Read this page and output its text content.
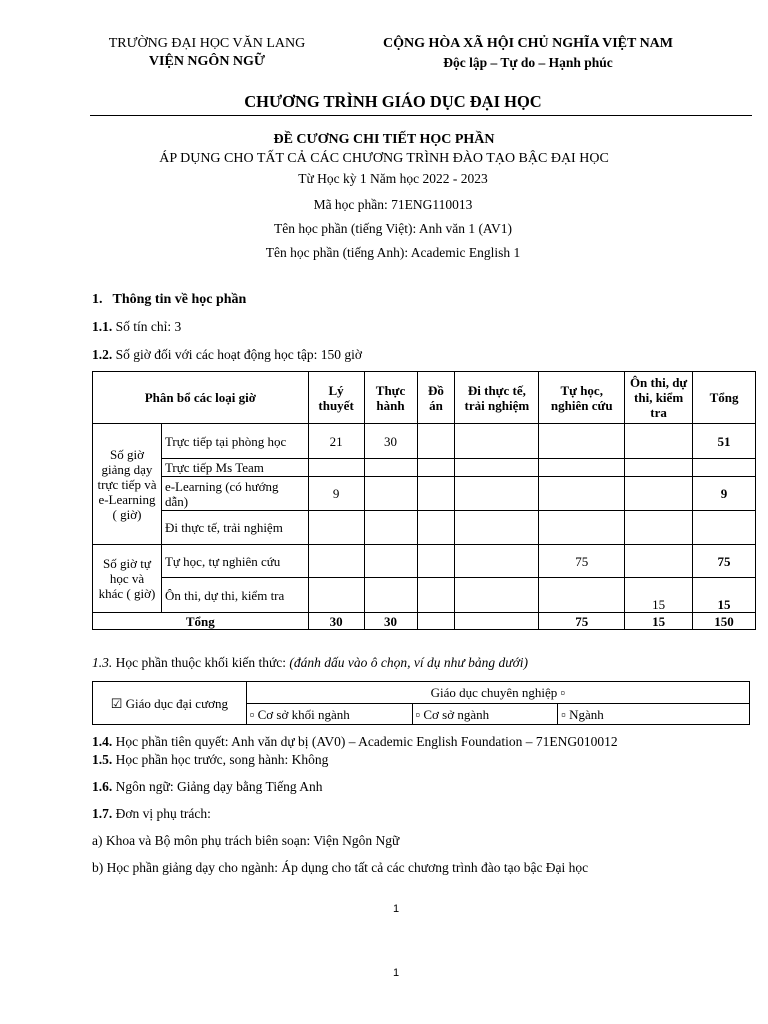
TRƯỜNG ĐẠI HỌC VĂN LANG
VIỆN NGÔN NGỮ
CỘNG HÒA XÃ HỘI CHỦ NGHĨA VIỆT NAM
Độc lập – Tự do – Hạnh phúc
CHƯƠNG TRÌNH GIÁO DỤC ĐẠI HỌC
ĐỀ CƯƠNG CHI TIẾT HỌC PHẦN
ÁP DỤNG CHO TẤT CẢ CÁC CHƯƠNG TRÌNH ĐÀO TẠO BẬC ĐẠI HỌC
Từ Học kỳ 1 Năm học 2022 - 2023
Mã học phần: 71ENG110013
Tên học phần (tiếng Việt): Anh văn 1 (AV1)
Tên học phần (tiếng Anh): Academic English 1
1. Thông tin về học phần
1.1. Số tín chỉ: 3
1.2. Số giờ đối với các hoạt động học tập: 150 giờ
Phân bổ các loại giờ		Lý thuyết	Thực hành	Đồ án	Đi thực tế, trải nghiệm	Tự học, nghiên cứu	Ôn thi, dự thi, kiểm tra	Tổng
Số giờ giảng dạy trực tiếp và e-Learning ( giờ)	Trực tiếp tại phòng học	21	30					51
	Trực tiếp Ms Team							
	e-Learning (có hướng dẫn)	9						9
	Đi thực tế, trải nghiệm							
Số giờ tự học và khác ( giờ)	Tự học, tự nghiên cứu					75		75
	Ôn thi, dự thi, kiểm tra						15	15
Tổng		30	30			75	15	150
1.3. Học phần thuộc khối kiến thức: (đánh dấu vào ô chọn, ví dụ như bảng dưới)
☑ Giáo dục đại cương	Giáo dục chuyên nghiệp ▫		
	▫ Cơ sở khối ngành	▫ Cơ sở ngành	▫ Ngành
1.4. Học phần tiên quyết: Anh văn dự bị (AV0) – Academic English Foundation – 71ENG010012
1.5. Học phần học trước, song hành: Không
1.6. Ngôn ngữ: Giảng dạy bằng Tiếng Anh
1.7. Đơn vị phụ trách:
a) Khoa và Bộ môn phụ trách biên soạn: Viện Ngôn Ngữ
b) Học phần giảng dạy cho ngành: Áp dụng cho tất cả các chương trình đào tạo bậc Đại học
1
1
